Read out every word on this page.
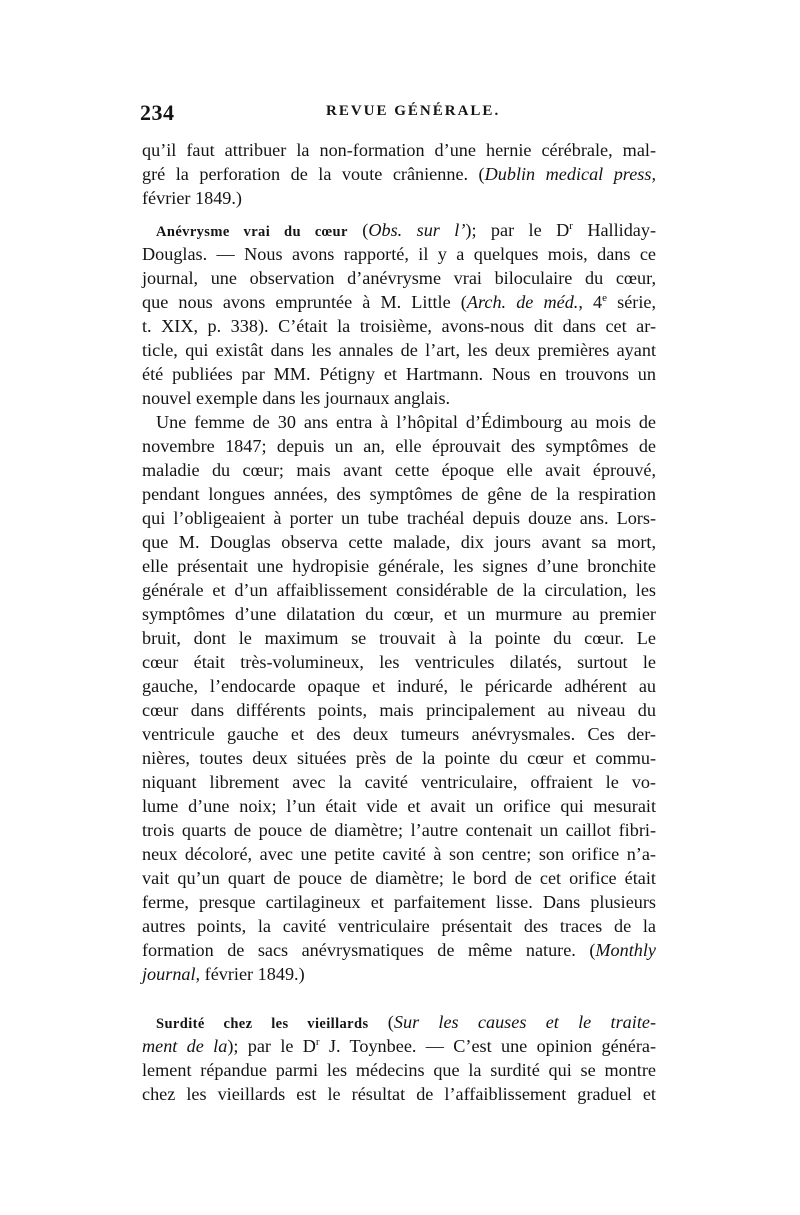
234	REVUE GÉNÉRALE.
qu’il faut attribuer la non-formation d’une hernie cérébrale, mal-
gré la perforation de la voute crânienne. (Dublin medical press,
février 1849.)
Anévrysme vrai du cœur (Obs. sur l’); par le $D^r$ Halliday-
Douglas. — Nous avons rapporté, il y a quelques mois, dans ce
journal, une observation d’anévrysme vrai biloculaire du cœur,
que nous avons empruntée à M. Little (Arch. de méd., 4e série,
t. XIX, p. 338). C’était la troisième, avons-nous dit dans cet ar-
ticle, qui existât dans les annales de l’art, les deux premières ayant
été publiées par MM. Pétigny et Hartmann. Nous en trouvons un
nouvel exemple dans les journaux anglais.
Une femme de 30 ans entra à l’hôpital d’Édimbourg au mois de
novembre 1847; depuis un an, elle éprouvait des symptômes de
maladie du cœur; mais avant cette époque elle avait éprouvé,
pendant longues années, des symptômes de gêne de la respiration
qui l’obligeaient à porter un tube trachéal depuis douze ans. Lors-
que M. Douglas observa cette malade, dix jours avant sa mort,
elle présentait une hydropisie générale, les signes d’une bronchite
générale et d’un affaiblissement considérable de la circulation, les
symptômes d’une dilatation du cœur, et un murmure au premier
bruit, dont le maximum se trouvait à la pointe du cœur. Le
cœur était très-volumineux, les ventricules dilatés, surtout le
gauche, l’endocarde opaque et induré, le péricarde adhérent au
cœur dans différents points, mais principalement au niveau du
ventricule gauche et des deux tumeurs anévrysmales. Ces der-
nières, toutes deux situées près de la pointe du cœur et commu-
niquant librement avec la cavité ventriculaire, offraient le vo-
lume d’une noix; l’un était vide et avait un orifice qui mesurait
trois quarts de pouce de diamètre; l’autre contenait un caillot fibri-
neux décoloré, avec une petite cavité à son centre; son orifice n’a-
vait qu’un quart de pouce de diamètre; le bord de cet orifice était
ferme, presque cartilagineux et parfaitement lisse. Dans plusieurs
autres points, la cavité ventriculaire présentait des traces de la
formation de sacs anévrysmatiques de même nature. (Monthly
journal, février 1849.)
Surdité chez les vieillards (Sur les causes et le traite-
ment de la); par le $D^r$ J. Toynbee. — C’est une opinion généra-
lement répandue parmi les médecins que la surdité qui se montre
chez les vieillards est le résultat de l’affaiblissement graduel et
